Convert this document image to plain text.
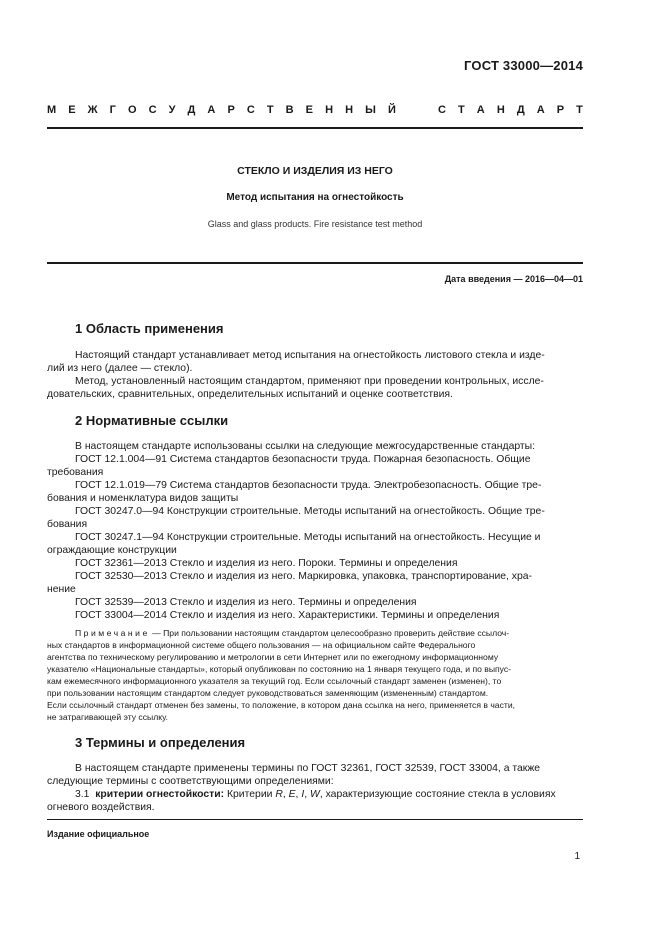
ГОСТ 33000—2014
М Е Ж Г О С У Д А Р С Т В Е Н Н Ы Й	С Т А Н Д А Р Т
СТЕКЛО И ИЗДЕЛИЯ ИЗ НЕГО
Метод испытания на огнестойкость
Glass and glass products. Fire resistance test method
Дата введения — 2016—04—01
1 Область применения
Настоящий стандарт устанавливает метод испытания на огнестойкость листового стекла и изде-
лий из него (далее — стекло).
Метод, установленный настоящим стандартом, применяют при проведении контрольных, иссле-
довательских, сравнительных, определительных испытаний и оценке соответствия.
2 Нормативные ссылки
В настоящем стандарте использованы ссылки на следующие межгосударственные стандарты:
ГОСТ 12.1.004—91 Система стандартов безопасности труда. Пожарная безопасность. Общие
требования
ГОСТ 12.1.019—79 Система стандартов безопасности труда. Электробезопасность. Общие тре-
бования и номенклатура видов защиты
ГОСТ 30247.0—94 Конструкции строительные. Методы испытаний на огнестойкость. Общие тре-
бования
ГОСТ 30247.1—94 Конструкции строительные. Методы испытаний на огнестойкость. Несущие и
ограждающие конструкции
ГОСТ 32361—2013 Стекло и изделия из него. Пороки. Термины и определения
ГОСТ 32530—2013 Стекло и изделия из него. Маркировка, упаковка, транспортирование, хра-
нение
ГОСТ 32539—2013 Стекло и изделия из него. Термины и определения
ГОСТ 33004—2014 Стекло и изделия из него. Характеристики. Термины и определения
Примечание — При пользовании настоящим стандартом целесообразно проверить действие ссылоч-
ных стандартов в информационной системе общего пользования — на официальном сайте Федерального
агентства по техническому регулированию и метрологии в сети Интернет или по ежегодному информационному
указателю «Национальные стандарты», который опубликован по состоянию на 1 января текущего года, и по выпус-
кам ежемесячного информационного указателя за текущий год. Если ссылочный стандарт заменен (изменен), то
при пользовании настоящим стандартом следует руководствоваться заменяющим (измененным) стандартом.
Если ссылочный стандарт отменен без замены, то положение, в котором дана ссылка на него, применяется в части,
не затрагивающей эту ссылку.
3 Термины и определения
В настоящем стандарте применены термины по ГОСТ 32361, ГОСТ 32539, ГОСТ 33004, а также
следующие термины с соответствующими определениями:
3.1 критерии огнестойкости: Критерии R, E, I, W, характеризующие состояние стекла в условиях
огневого воздействия.
Издание официальное
1
